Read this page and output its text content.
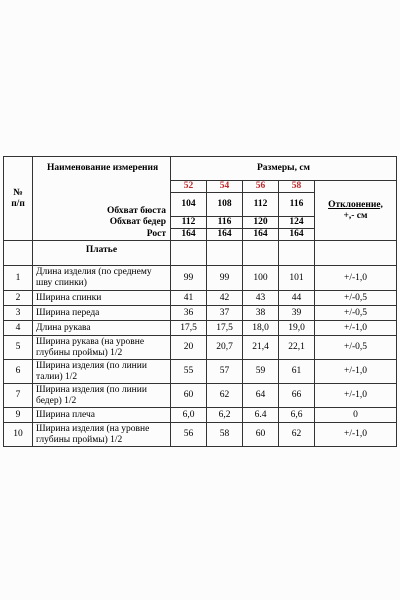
№
п/п	Наименование измерения	Размеры, см				
		52	54	56	58	Отклонение,
+,- см

	Обхват бюста	104	108	112	116	
	Обхват бедер	112	116	120	124	
	Рост	164	164	164	164	
	Платье					
1	Длина изделия (по среднему шву спинки)	99	99	100	101	+/-1,0
2	Ширина спинки	41	42	43	44	+/-0,5
3	Ширина переда	36	37	38	39	+/-0,5
4	Длина рукава	17,5	17,5	18,0	19,0	+/-1,0
5	Ширина рукава (на уровне глубины проймы) 1/2	20	20,7	21,4	22,1	+/-0,5
6	Ширина изделия (по линии талии) 1/2	55	57	59	61	+/-1,0
7	Ширина изделия (по линии бедер) 1/2	60	62	64	66	+/-1,0
9	Ширина плеча	6,0	6,2	6.4	6,6	0
10	Ширина изделия (на уровне глубины проймы) 1/2	56	58	60	62	+/-1,0
